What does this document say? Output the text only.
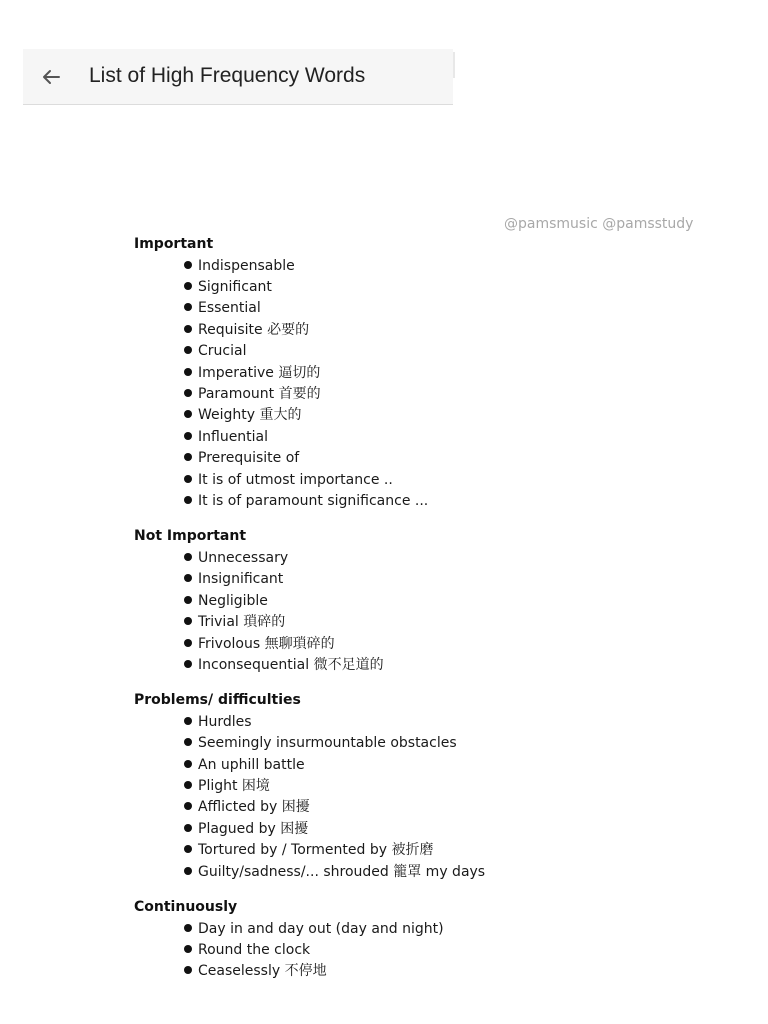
List of High Frequency Words
@pamsmusic @pamsstudy
Important
Indispensable
Significant
Essential
Requisite 必要的
Crucial
Imperative 逼切的
Paramount 首要的
Weighty 重大的
Influential
Prerequisite of
It is of utmost importance ..
It is of paramount significance ...
Not Important
Unnecessary
Insignificant
Negligible
Trivial 瑣碎的
Frivolous 無聊瑣碎的
Inconsequential 微不足道的
Problems/ difficulties
Hurdles
Seemingly insurmountable obstacles
An uphill battle
Plight 困境
Afflicted by 困擾
Plagued by 困擾
Tortured by / Tormented by 被折磨
Guilty/sadness/... shrouded 籠罩 my days
Continuously
Day in and day out (day and night)
Round the clock
Ceaselessly 不停地
